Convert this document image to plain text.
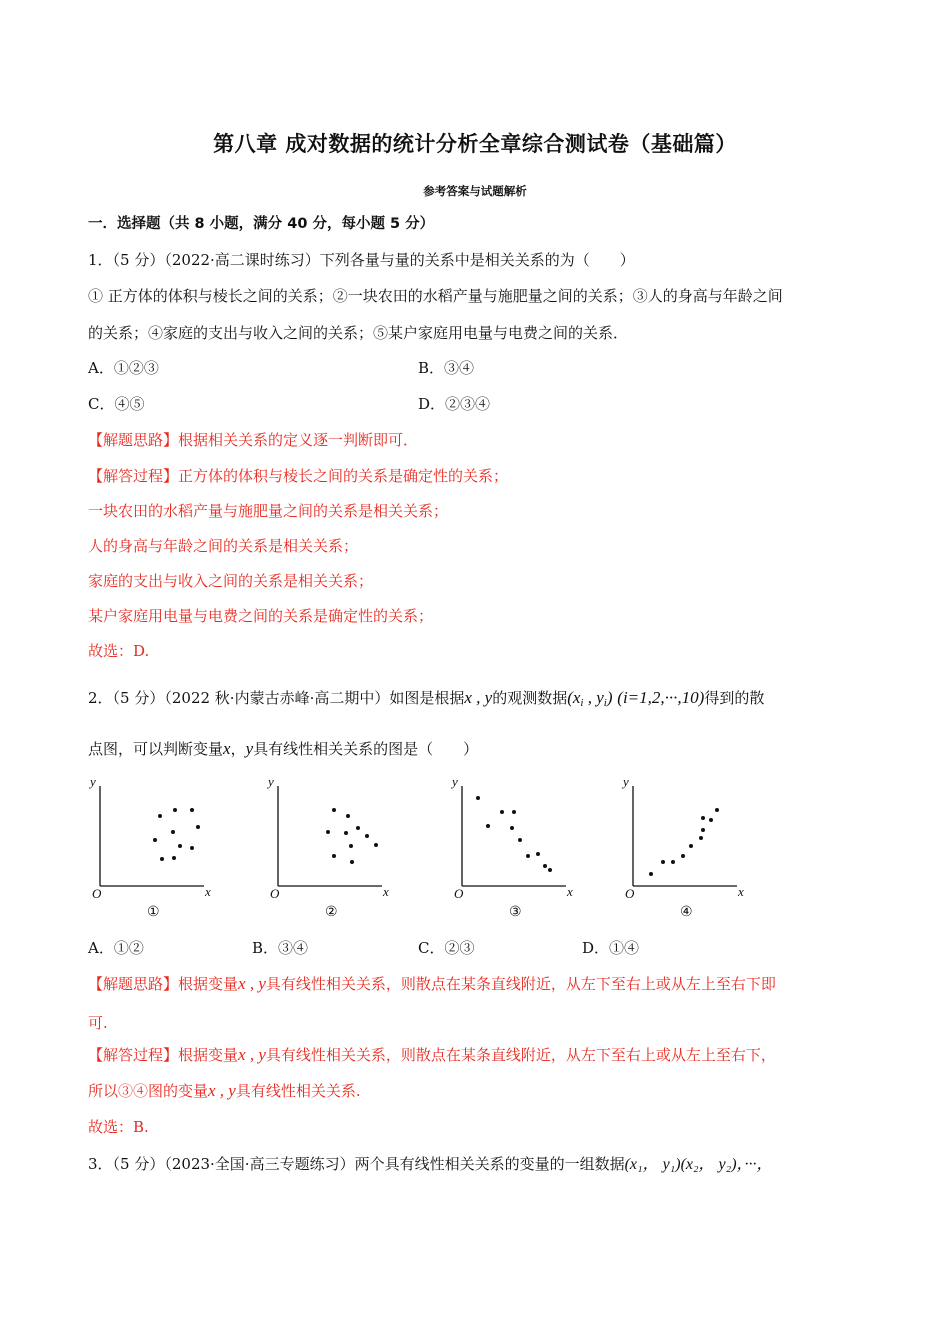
第八章 成对数据的统计分析全章综合测试卷（基础篇）
参考答案与试题解析
一．选择题（共 8 小题，满分 40 分，每小题 5 分）
1．（5 分）（2022·高二课时练习）下列各量与量的关系中是相关关系的为（　　）
① 正方体的体积与棱长之间的关系；②一块农田的水稻产量与施肥量之间的关系；③人的身高与年龄之间
的关系；④家庭的支出与收入之间的关系；⑤某户家庭用电量与电费之间的关系．
A．①②③	B．③④
C．④⑤	D．②③④
【解题思路】根据相关关系的定义逐一判断即可．
【解答过程】正方体的体积与棱长之间的关系是确定性的关系；
一块农田的水稻产量与施肥量之间的关系是相关关系；
人的身高与年龄之间的关系是相关关系；
家庭的支出与收入之间的关系是相关关系；
某户家庭用电量与电费之间的关系是确定性的关系；
故选：D.
2．（5 分）（2022 秋·内蒙古赤峰·高二期中）如图是根据x , y的观测数据($x_i$ , $y_i$) (i=1,2,···,10)得到的散
点图，可以判断变量x，y具有线性相关关系的图是（　　）
y
x
O
①
y
x
O
②
y
x
O
③
y
x
O
④
A．①②	B．③④	C．②③	D．①④
【解题思路】根据变量x , y具有线性相关关系，则散点在某条直线附近，从左下至右上或从左上至右下即
可.
【解答过程】根据变量x , y具有线性相关关系，则散点在某条直线附近，从左下至右上或从左上至右下，
所以③④图的变量x , y具有线性相关关系.
故选：B.
3．（5 分）（2023·全国·高三专题练习）两个具有线性相关关系的变量的一组数据(x₁， y₁)(x₂， y₂)，···，
